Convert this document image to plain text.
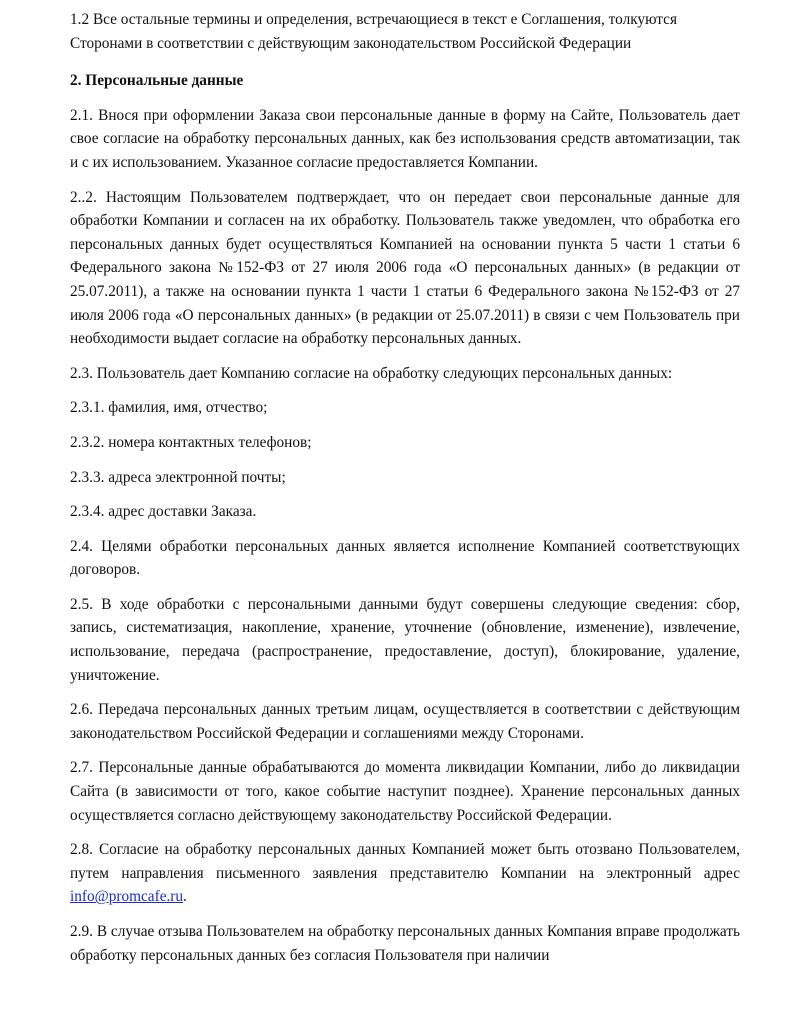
1.2 Все остальные термины и определения, встречающиеся в текст е Соглашения, толкуются Сторонами в соответствии с действующим законодательством Российской Федерации

2. Персональные данные

2.1. Внося при оформлении Заказа свои персональные данные в форму на Сайте, Пользователь дает свое согласие на обработку персональных данных, как без использования средств автоматизации, так и с их использованием. Указанное согласие предоставляется Компании.

2..2. Настоящим Пользователем подтверждает, что он передает свои персональные данные для обработки Компании и согласен на их обработку. Пользователь также уведомлен, что обработка его персональных данных будет осуществляться Компанией на основании пункта 5 части 1 статьи 6 Федерального закона №152-ФЗ от 27 июля 2006 года «О персональных данных» (в редакции от 25.07.2011), а также на основании пункта 1 части 1 статьи 6 Федерального закона №152-ФЗ от 27 июля 2006 года «О персональных данных» (в редакции от 25.07.2011) в связи с чем Пользователь при необходимости выдает согласие на обработку персональных данных.

2.3. Пользователь дает Компанию согласие на обработку следующих персональных данных:

2.3.1. фамилия, имя, отчество;

2.3.2. номера контактных телефонов;

2.3.3. адреса электронной почты;

2.3.4. адрес доставки Заказа.

2.4. Целями обработки персональных данных является исполнение Компанией соответствующих договоров.

2.5. В ходе обработки с персональными данными будут совершены следующие сведения: сбор, запись, систематизация, накопление, хранение, уточнение (обновление, изменение), извлечение, использование, передача (распространение, предоставление, доступ), блокирование, удаление, уничтожение.

2.6. Передача персональных данных третьим лицам, осуществляется в соответствии с действующим законодательством Российской Федерации и соглашениями между Сторонами.

2.7. Персональные данные обрабатываются до момента ликвидации Компании, либо до ликвидации Сайта (в зависимости от того, какое событие наступит позднее). Хранение персональных данных осуществляется согласно действующему законодательству Российской Федерации.

2.8. Согласие на обработку персональных данных Компанией может быть отозвано Пользователем, путем направления письменного заявления представителю Компании на электронный адрес info@promcafe.ru.

2.9. В случае отзыва Пользователем на обработку персональных данных Компания вправе продолжать обработку персональных данных без согласия Пользователя при наличии
